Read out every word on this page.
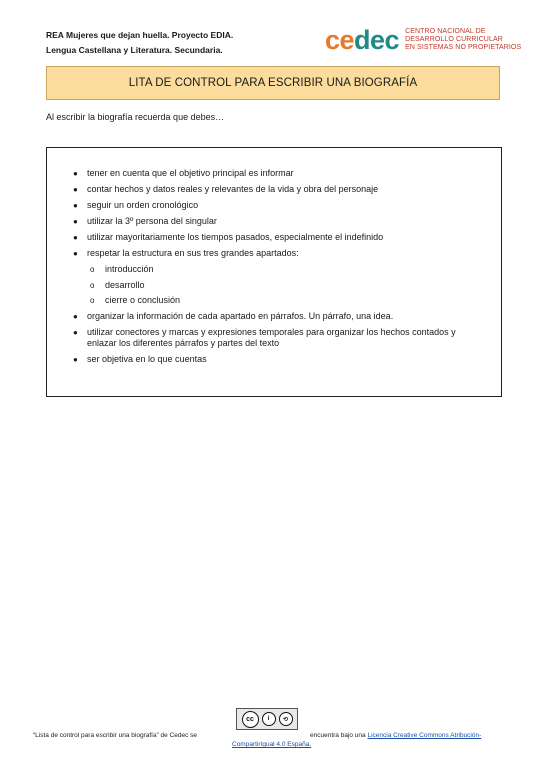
REA Mujeres que dejan huella. Proyecto EDIA.
Lengua Castellana y Literatura. Secundaria.	cedec CENTRO NACIONAL DE
DESARROLLO CURRICULAR
EN SISTEMAS NO PROPIETARIOS
LITA DE CONTROL PARA ESCRIBIR UNA BIOGRAFÍA
Al escribir la biografía recuerda que debes…
● tener en cuenta que el objetivo principal es informar
● contar hechos y datos reales y relevantes de la vida y obra del personaje
● seguir un orden cronológico
● utilizar la 3º persona del singular
● utilizar mayoritariamente los tiempos pasados, especialmente el indefinido
● respetar la estructura en sus tres grandes apartados:
o introducción
o desarrollo
o cierre o conclusión
● organizar la información de cada apartado en párrafos. Un párrafo, una idea.
● utilizar conectores y marcas y expresiones temporales para organizar los hechos contados y enlazar los diferentes párrafos y partes del texto
● ser objetiva en lo que cuentas
cc	i	⟲
“Lista de control para escribir una biografía” de Cedec se	encuentra bajo una Licencia Creative Commons Atribución-
CompartirIgual 4.0 España.
